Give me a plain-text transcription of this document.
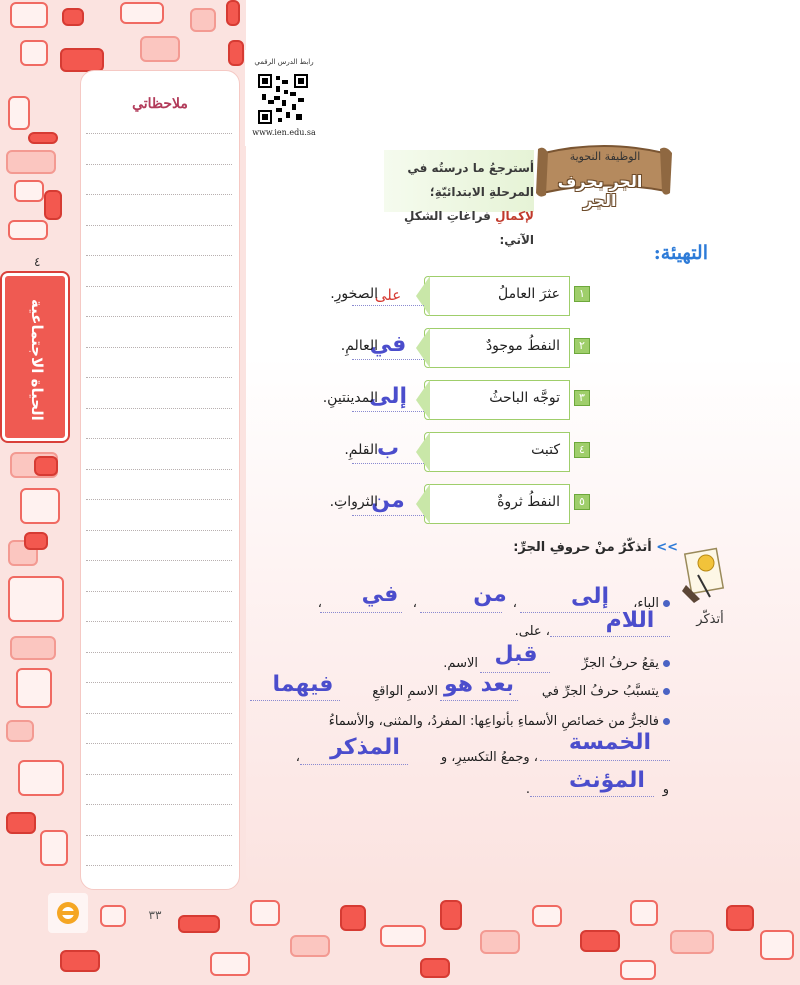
ملاحظاتي
٤
الحياة الاجتماعية
رابط الدرس الرقمي
www.ien.edu.sa
الوظيفة النحوية
الجر بحرف الجر
أسترجعُ ما درستُه في المرحلةِ الابتدائيّةِ؛ لإكمالِ فراغاتِ الشكلِ الآتي:
التهيئة:
١
عثرَ العاملُ
على
الصخورِ.
٢
النفطُ موجودٌ
في
العالمِ.
٣
توجَّه الباحثُ
إلى
المدينتينِ.
٤
كتبت
ب
القلمِ.
٥
النفطُ ثروةٌ
من
الثرواتِ.
أتذكّر
>> أتذكّرُ منْ حروفِ الجرِّ:
الباء،
إلى
،
من
،
في
،
اللام
، على.
يقعُ حرفُ الجرِّ
قبل
الاسم.
يتسبَّبُ حرفُ الجرِّ في
بعد هو
الاسمِ الواقعِ
فيهما
فالجرُّ من خصائصِ الأسماءِ بأنواعِها: المفردُ، والمثنى، والأسماءُ
الخمسة
، وجمعُ التكسيرِ، و
المذكر
،
و
المؤنث
.
٣٣
